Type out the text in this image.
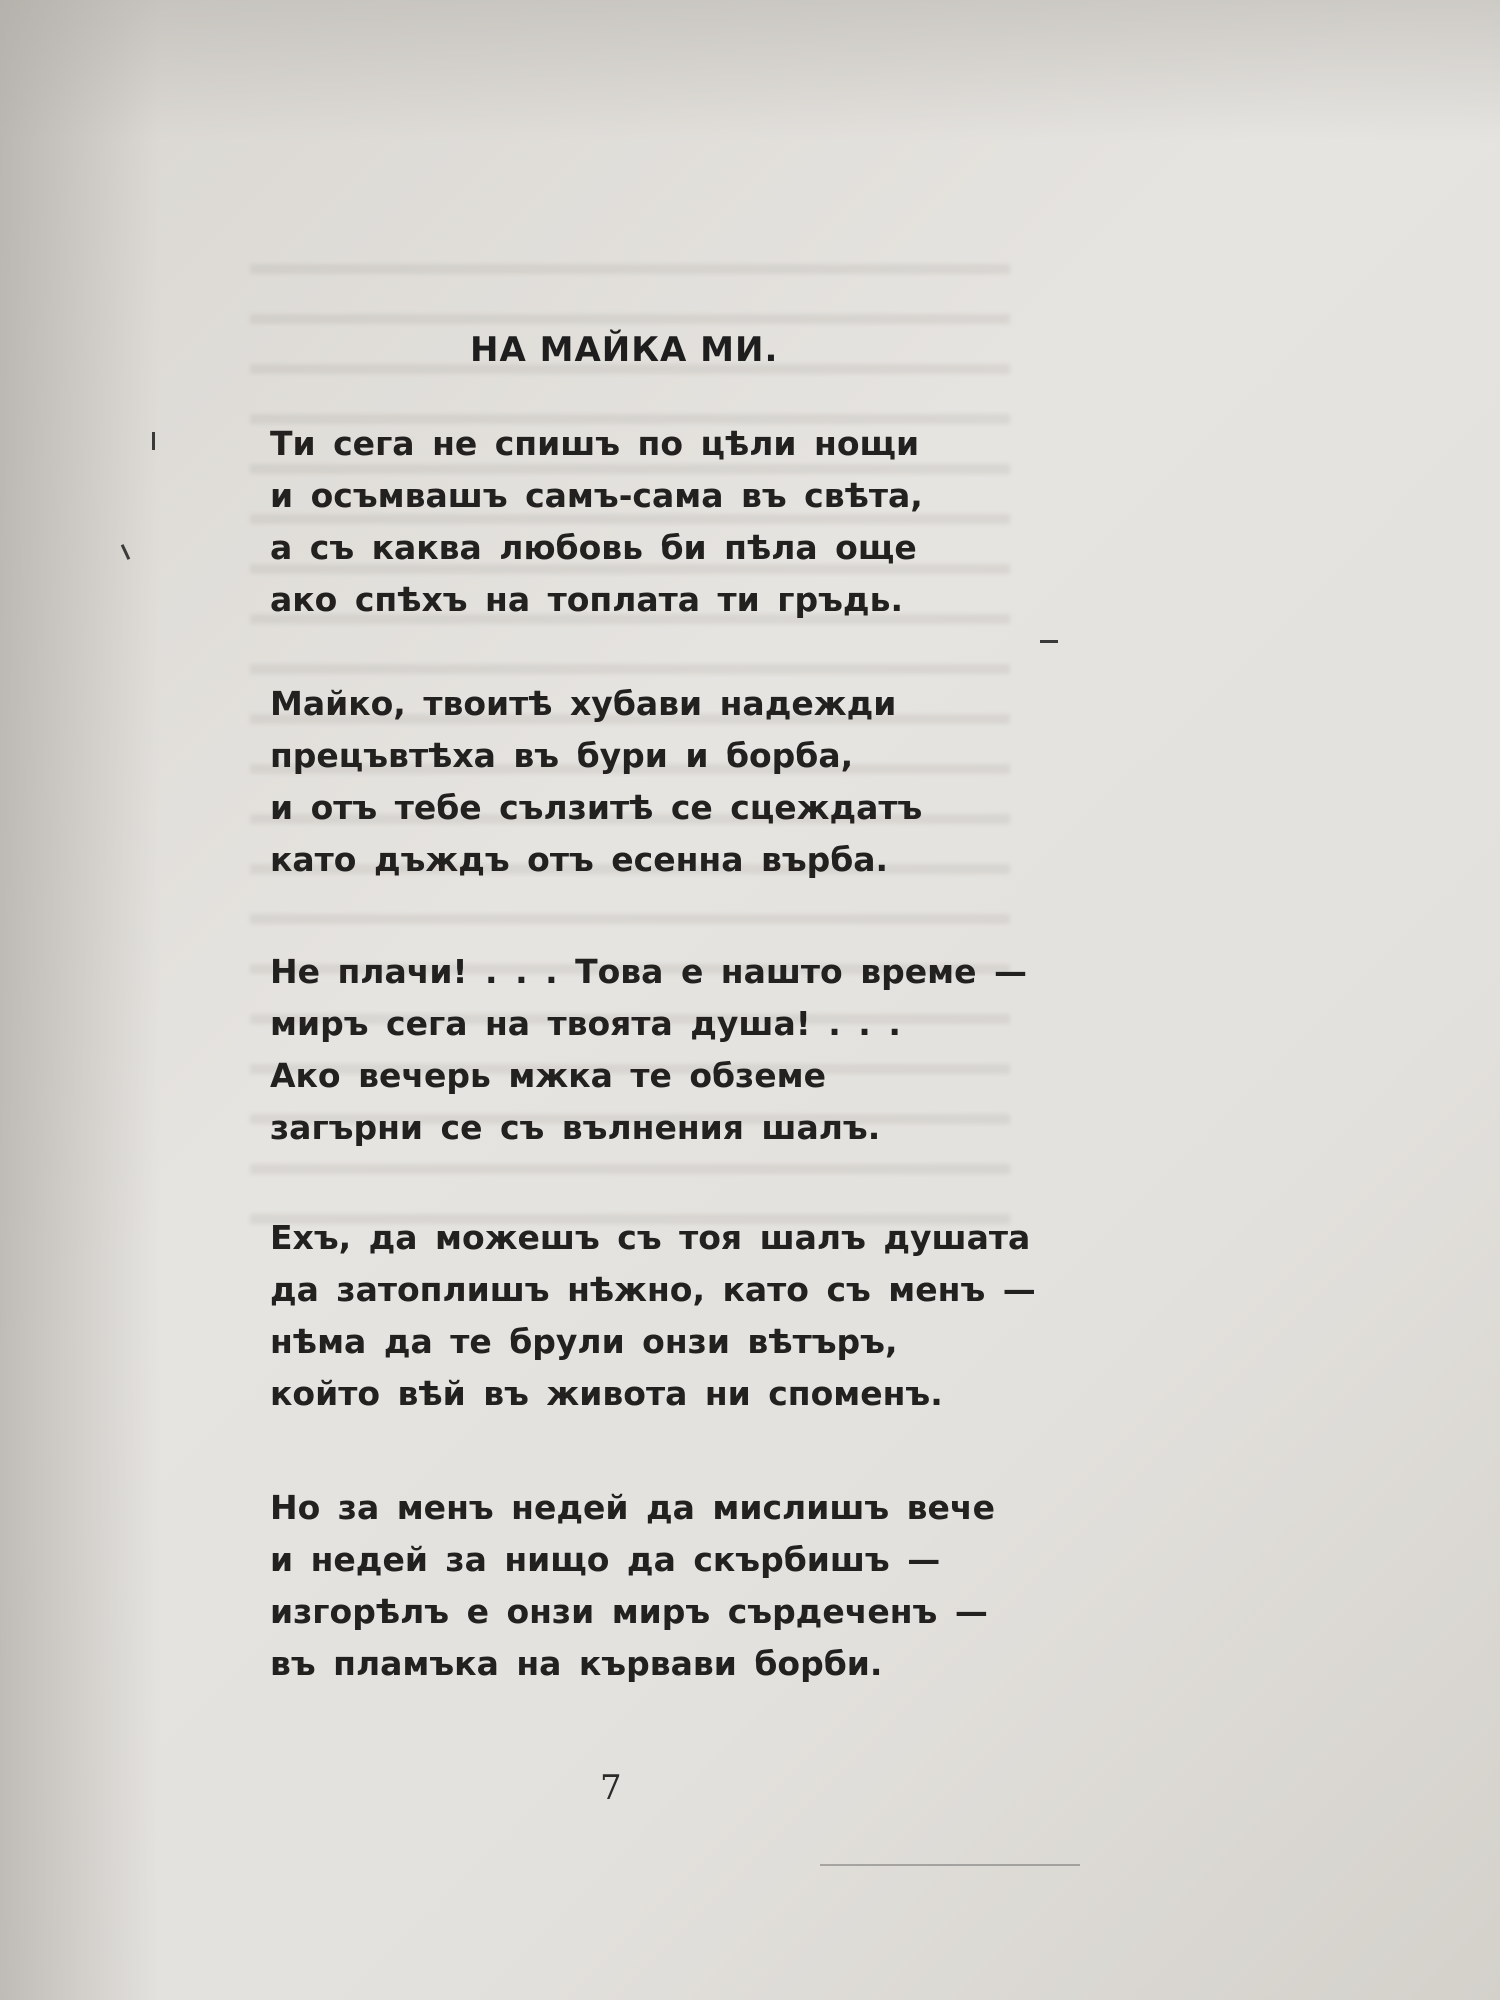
НА МАЙКА МИ.
Ти сега не спишъ по цѣли нощи
и осъмвашъ самъ-сама въ свѣта,
а съ каква любовь би пѣла още
ако спѣхъ на топлата ти гръдь.
Майко, твоитѣ хубави надежди
прецъвтѣха въ бури и борба,
и отъ тебе сълзитѣ се сцеждатъ
като дъждъ отъ есенна върба.
Не плачи! . . . Това е нашто време —
миръ сега на твоята душа! . . .
Ако вечерь мжка те обземе
загърни се съ вълнения шалъ.
Ехъ, да можешъ съ тоя шалъ душата
да затоплишъ нѣжно, като съ менъ —
нѣма да те брули онзи вѣтъръ,
който вѣй въ живота ни споменъ.
Но за менъ недей да мислишъ вече
и недей за нищо да скърбишъ —
изгорѣлъ е онзи миръ сърдеченъ —
въ пламъка на кървави борби.
7
